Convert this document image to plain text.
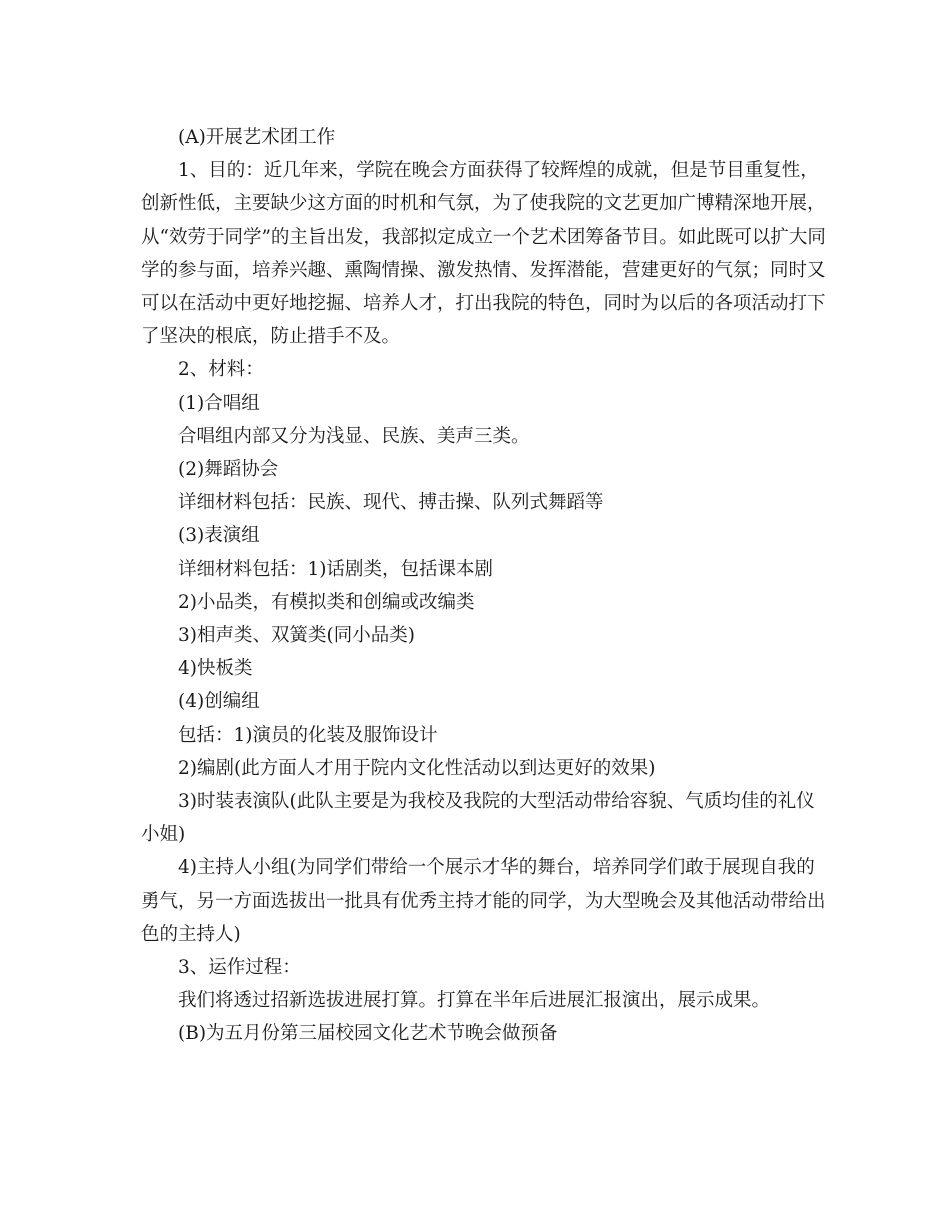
(A)开展艺术团工作

1、目的：近几年来，学院在晚会方面获得了较辉煌的成就，但是节目重复性，创新性低，主要缺少这方面的时机和气氛，为了使我院的文艺更加广博精深地开展，从“效劳于同学”的主旨出发，我部拟定成立一个艺术团筹备节目。如此既可以扩大同学的参与面，培养兴趣、熏陶情操、激发热情、发挥潜能，营建更好的气氛；同时又可以在活动中更好地挖掘、培养人才，打出我院的特色，同时为以后的各项活动打下了坚决的根底，防止措手不及。

2、材料：

(1)合唱组

合唱组内部又分为浅显、民族、美声三类。

(2)舞蹈协会

详细材料包括：民族、现代、搏击操、队列式舞蹈等

(3)表演组

详细材料包括：1)话剧类，包括课本剧

2)小品类，有模拟类和创编或改编类

3)相声类、双簧类(同小品类)

4)快板类

(4)创编组

包括：1)演员的化装及服饰设计

2)编剧(此方面人才用于院内文化性活动以到达更好的效果)

3)时装表演队(此队主要是为我校及我院的大型活动带给容貌、气质均佳的礼仪小姐)

4)主持人小组(为同学们带给一个展示才华的舞台，培养同学们敢于展现自我的勇气，另一方面选拔出一批具有优秀主持才能的同学，为大型晚会及其他活动带给出色的主持人)

3、运作过程：

我们将透过招新选拔进展打算。打算在半年后进展汇报演出，展示成果。

(B)为五月份第三届校园文化艺术节晚会做预备
